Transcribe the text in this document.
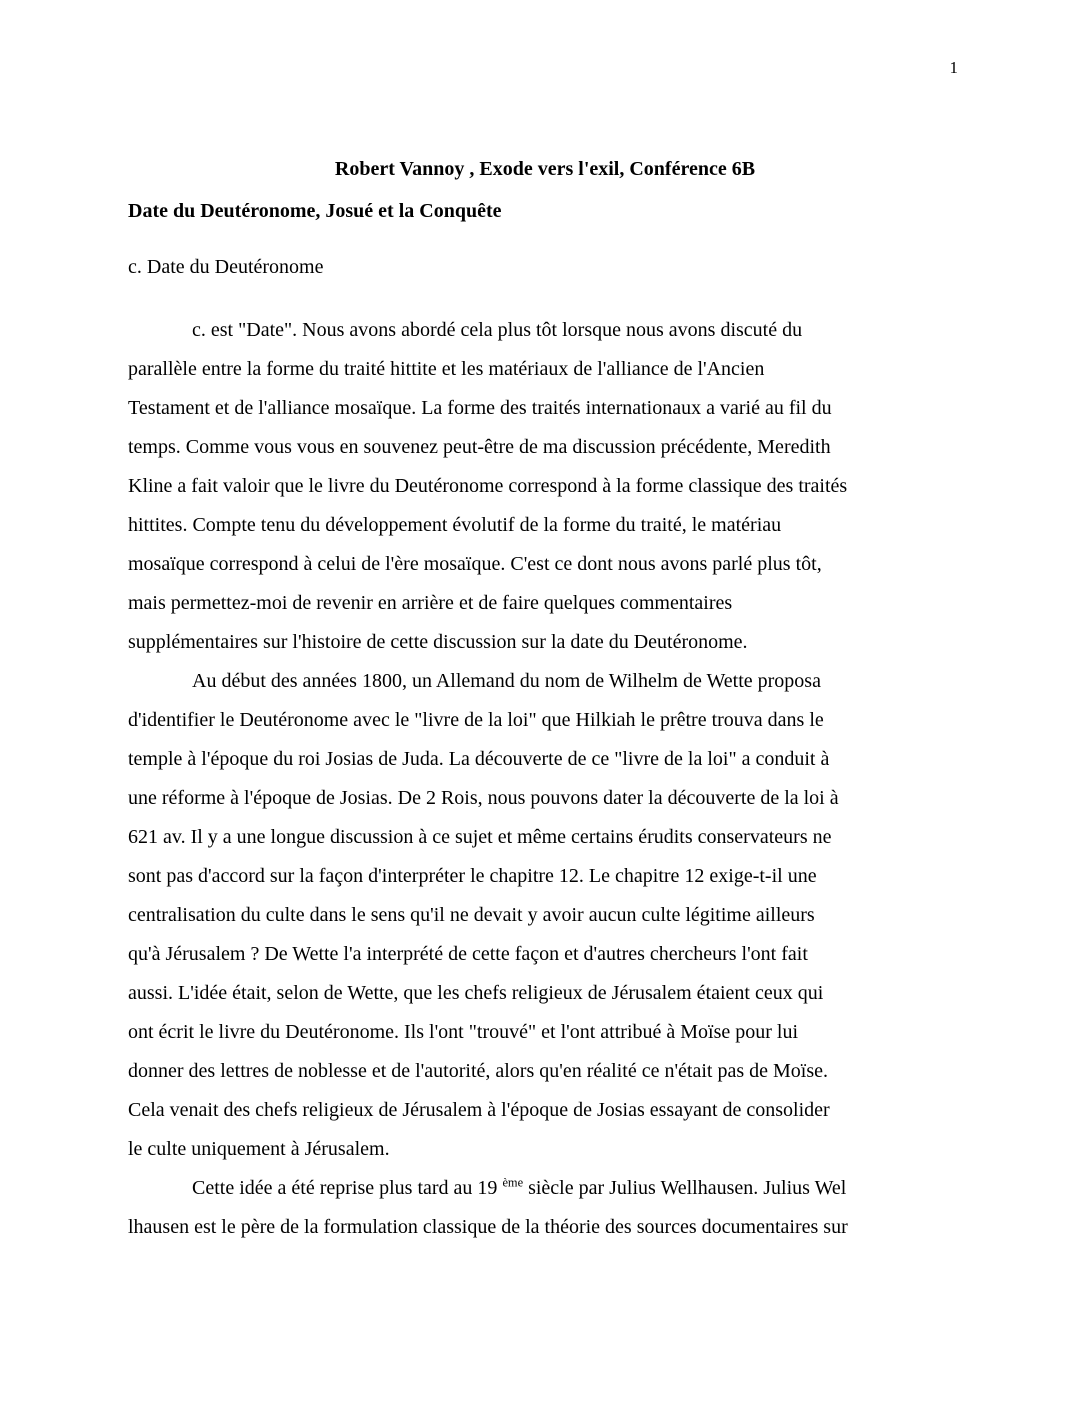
1
Robert Vannoy , Exode vers l'exil, Conférence 6B
Date du Deutéronome, Josué et la Conquête
c. Date du Deutéronome
c. est "Date". Nous avons abordé cela plus tôt lorsque nous avons discuté du
parallèle entre la forme du traité hittite et les matériaux de l'alliance de l'Ancien
Testament et de l'alliance mosaïque. La forme des traités internationaux a varié au fil du
temps. Comme vous vous en souvenez peut-être de ma discussion précédente, Meredith
Kline a fait valoir que le livre du Deutéronome correspond à la forme classique des traités
hittites. Compte tenu du développement évolutif de la forme du traité, le matériau
mosaïque correspond à celui de l'ère mosaïque. C'est ce dont nous avons parlé plus tôt,
mais permettez-moi de revenir en arrière et de faire quelques commentaires
supplémentaires sur l'histoire de cette discussion sur la date du Deutéronome.
Au début des années 1800, un Allemand du nom de Wilhelm de Wette proposa
d'identifier le Deutéronome avec le "livre de la loi" que Hilkiah le prêtre trouva dans le
temple à l'époque du roi Josias de Juda. La découverte de ce "livre de la loi" a conduit à
une réforme à l'époque de Josias. De 2 Rois, nous pouvons dater la découverte de la loi à
621 av. Il y a une longue discussion à ce sujet et même certains érudits conservateurs ne
sont pas d'accord sur la façon d'interpréter le chapitre 12. Le chapitre 12 exige-t-il une
centralisation du culte dans le sens qu'il ne devait y avoir aucun culte légitime ailleurs
qu'à Jérusalem ? De Wette l'a interprété de cette façon et d'autres chercheurs l'ont fait
aussi. L'idée était, selon de Wette, que les chefs religieux de Jérusalem étaient ceux qui
ont écrit le livre du Deutéronome. Ils l'ont "trouvé" et l'ont attribué à Moïse pour lui
donner des lettres de noblesse et de l'autorité, alors qu'en réalité ce n'était pas de Moïse.
Cela venait des chefs religieux de Jérusalem à l'époque de Josias essayant de consolider
le culte uniquement à Jérusalem.
Cette idée a été reprise plus tard au 19 $^{ème}$ siècle par Julius Wellhausen. Julius Wel
lhausen est le père de la formulation classique de la théorie des sources documentaires sur
